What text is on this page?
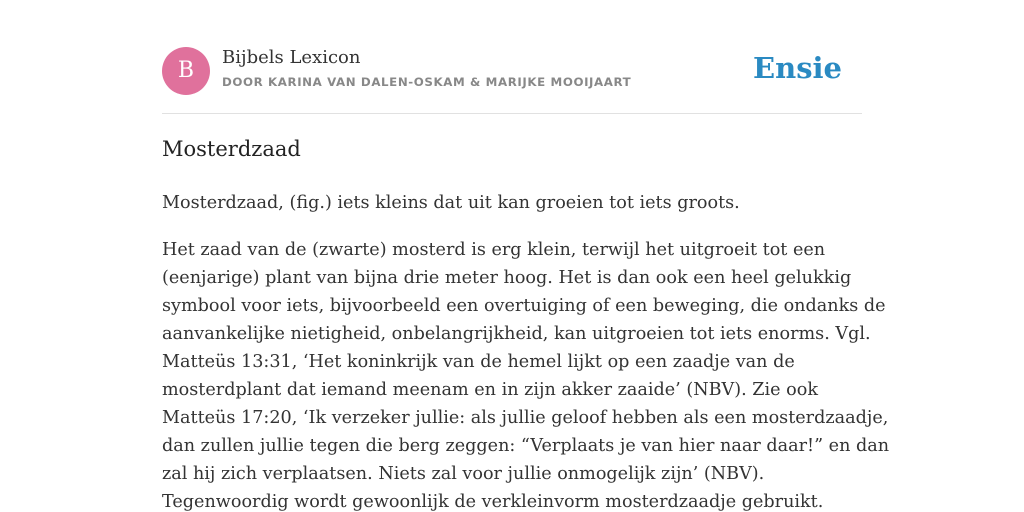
B
Bijbels Lexicon
DOOR KARINA VAN DALEN-OSKAM & MARIJKE MOOIJAART	Ensie
Mosterdzaad

Mosterdzaad, (fig.) iets kleins dat uit kan groeien tot iets groots.

Het zaad van de (zwarte) mosterd is erg klein, terwijl het uitgroeit tot een
(eenjarige) plant van bijna drie meter hoog. Het is dan ook een heel gelukkig
symbool voor iets, bijvoorbeeld een overtuiging of een beweging, die ondanks de
aanvankelijke nietigheid, onbelangrijkheid, kan uitgroeien tot iets enorms. Vgl.
Matteüs 13:31, ‘Het koninkrijk van de hemel lijkt op een zaadje van de
mosterdplant dat iemand meenam en in zijn akker zaaide’ (NBV). Zie ook
Matteüs 17:20, ‘Ik verzeker jullie: als jullie geloof hebben als een mosterdzaadje,
dan zullen jullie tegen die berg zeggen: “Verplaats je van hier naar daar!” en dan
zal hij zich verplaatsen. Niets zal voor jullie onmogelijk zijn’ (NBV).
Tegenwoordig wordt gewoonlijk de verkleinvorm mosterdzaadje gebruikt.
